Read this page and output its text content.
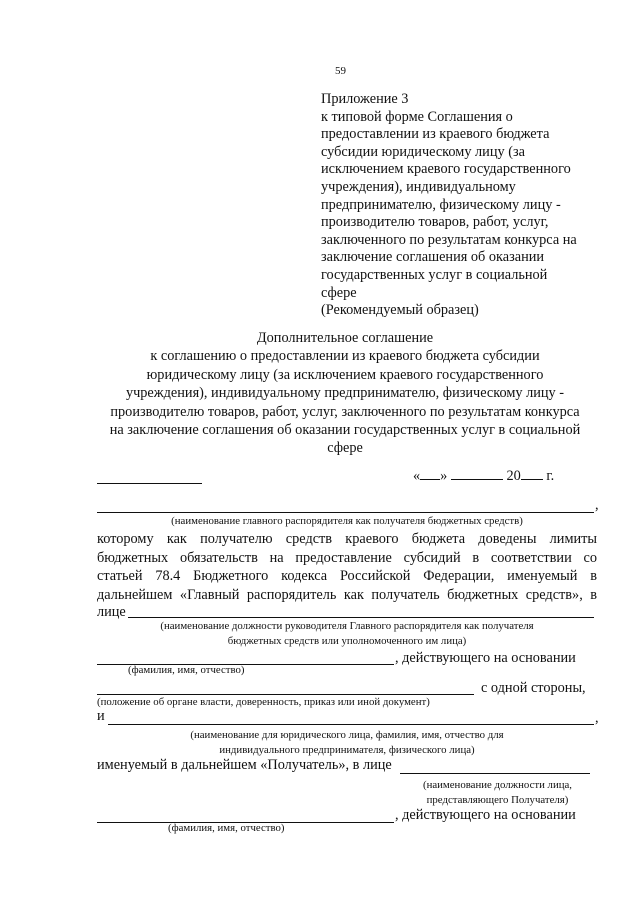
59
Приложение 3
к типовой форме Соглашения о
предоставлении из краевого бюджета
субсидии юридическому лицу (за
исключением краевого государственного
учреждения), индивидуальному
предпринимателю, физическому лицу -
производителю товаров, работ, услуг,
заключенного по результатам конкурса на
заключение соглашения об оказании
государственных услуг в социальной
сфере
(Рекомендуемый образец)
Дополнительное соглашение
к соглашению о предоставлении из краевого бюджета субсидии
юридическому лицу (за исключением краевого государственного
учреждения), индивидуальному предпринимателю, физическому лицу -
производителю товаров, работ, услуг, заключенного по результатам конкурса
на заключение соглашения об оказании государственных услуг в социальной
сфере
« »	20 г.
,
(наименование главного распорядителя как получателя бюджетных средств)
которому как получателю средств краевого бюджета доведены лимиты
бюджетных обязательств на предоставление субсидий в соответствии со
статьей 78.4 Бюджетного кодекса Российской Федерации, именуемый в
дальнейшем «Главный распорядитель как получатель бюджетных средств», в
лице
(наименование должности руководителя Главного распорядителя как получателя
бюджетных средств или уполномоченного им лица)
, действующего на основании
(фамилия, имя, отчество)
с одной стороны,
(положение об органе власти, доверенность, приказ или иной документ)
и	,
(наименование для юридического лица, фамилия, имя, отчество для
индивидуального предпринимателя, физического лица)
именуемый в дальнейшем «Получатель», в лице
(наименование должности лица,
представляющего Получателя)
, действующего на основании
(фамилия, имя, отчество)
